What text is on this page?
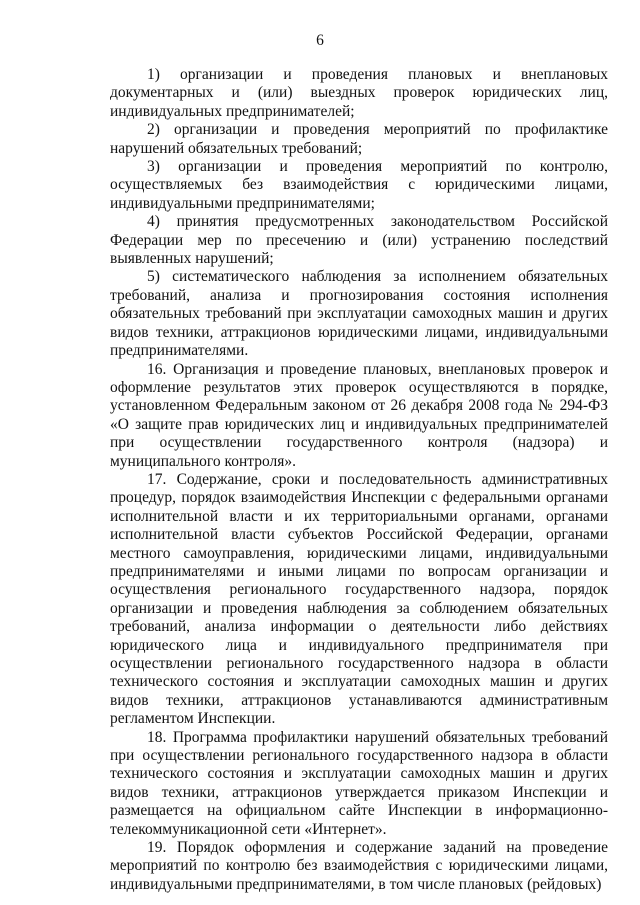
6

1) организации и проведения плановых и внеплановых документарных и (или) выездных проверок юридических лиц, индивидуальных предпринимателей;

2) организации и проведения мероприятий по профилактике нарушений обязательных требований;

3) организации и проведения мероприятий по контролю, осуществляемых без взаимодействия с юридическими лицами, индивидуальными предпринимателями;

4) принятия предусмотренных законодательством Российской Федерации мер по пресечению и (или) устранению последствий выявленных нарушений;

5) систематического наблюдения за исполнением обязательных требований, анализа и прогнозирования состояния исполнения обязательных требований при эксплуатации самоходных машин и других видов техники, аттракционов юридическими лицами, индивидуальными предпринимателями.

16. Организация и проведение плановых, внеплановых проверок и оформление результатов этих проверок осуществляются в порядке, установленном Федеральным законом от 26 декабря 2008 года № 294-ФЗ «О защите прав юридических лиц и индивидуальных предпринимателей при осуществлении государственного контроля (надзора) и муниципального контроля».

17. Содержание, сроки и последовательность административных процедур, порядок взаимодействия Инспекции с федеральными органами исполнительной власти и их территориальными органами, органами исполнительной власти субъектов Российской Федерации, органами местного самоуправления, юридическими лицами, индивидуальными предпринимателями и иными лицами по вопросам организации и осуществления регионального государственного надзора, порядок организации и проведения наблюдения за соблюдением обязательных требований, анализа информации о деятельности либо действиях юридического лица и индивидуального предпринимателя при осуществлении регионального государственного надзора в области технического состояния и эксплуатации самоходных машин и других видов техники, аттракционов устанавливаются административным регламентом Инспекции.

18. Программа профилактики нарушений обязательных требований при осуществлении регионального государственного надзора в области технического состояния и эксплуатации самоходных машин и других видов техники, аттракционов утверждается приказом Инспекции и размещается на официальном сайте Инспекции в информационно-телекоммуникационной сети «Интернет».

19. Порядок оформления и содержание заданий на проведение мероприятий по контролю без взаимодействия с юридическими лицами, индивидуальными предпринимателями, в том числе плановых (рейдовых)
